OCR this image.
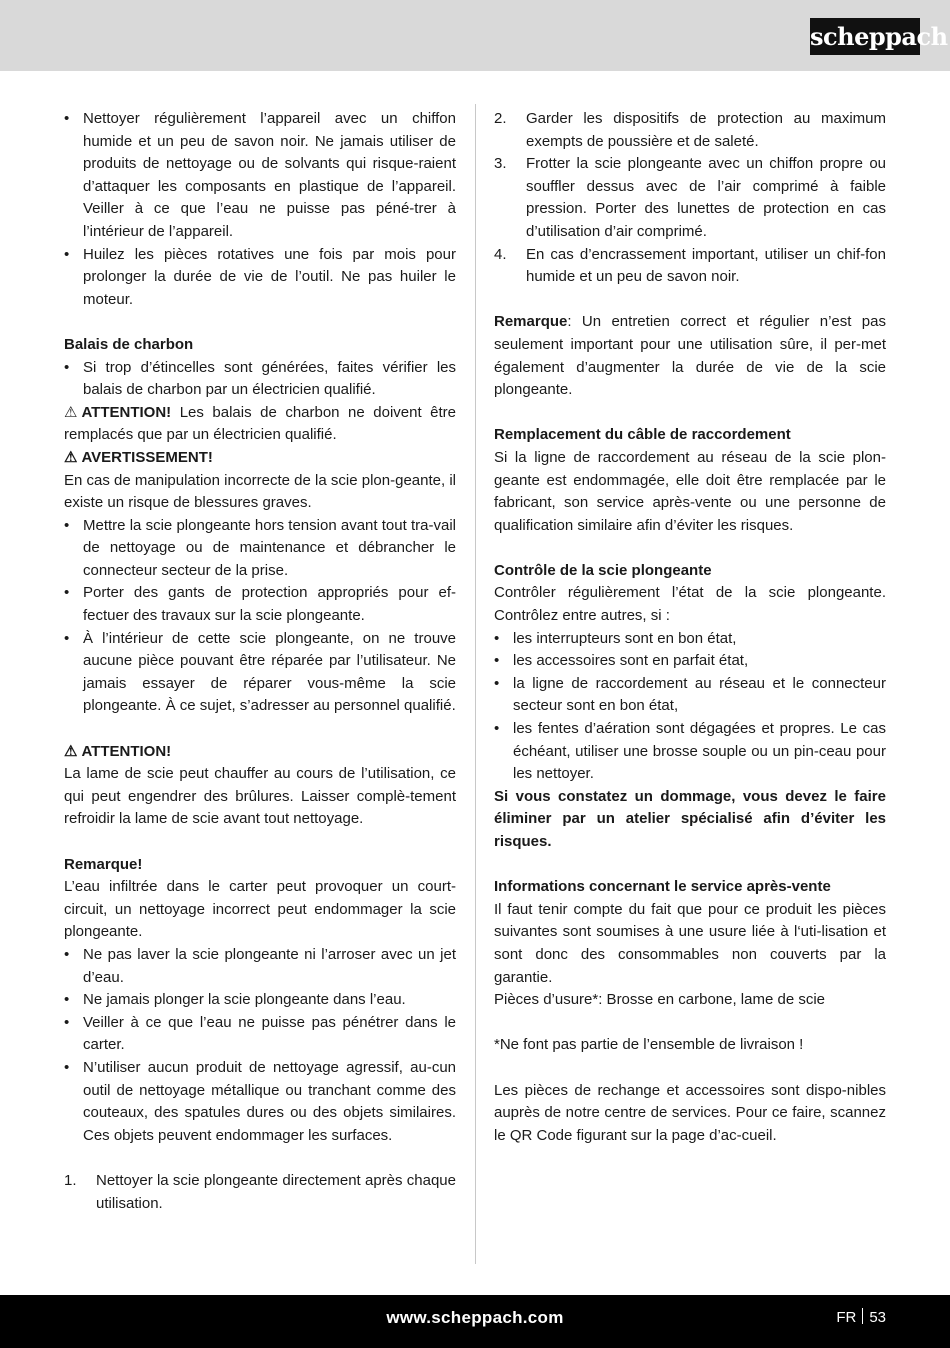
scheppach

• Nettoyer régulièrement l’appareil avec un chiffon humide et un peu de savon noir. Ne jamais utiliser de produits de nettoyage ou de solvants qui risque-raient d’attaquer les composants en plastique de l’appareil. Veiller à ce que l’eau ne puisse pas péné-trer à l’intérieur de l’appareil.

• Huilez les pièces rotatives une fois par mois pour prolonger la durée de vie de l’outil. Ne pas huiler le moteur.

Balais de charbon

• Si trop d’étincelles sont générées, faites vérifier les balais de charbon par un électricien qualifié.

⚠ ATTENTION! Les balais de charbon ne doivent être remplacés que par un électricien qualifié.

⚠ AVERTISSEMENT!

En cas de manipulation incorrecte de la scie plon-geante, il existe un risque de blessures graves.

• Mettre la scie plongeante hors tension avant tout tra-vail de nettoyage ou de maintenance et débrancher le connecteur secteur de la prise.

• Porter des gants de protection appropriés pour ef-fectuer des travaux sur la scie plongeante.

• À l’intérieur de cette scie plongeante, on ne trouve aucune pièce pouvant être réparée par l’utilisateur. Ne jamais essayer de réparer vous-même la scie plongeante. À ce sujet, s’adresser au personnel qualifié.

⚠ ATTENTION!

La lame de scie peut chauffer au cours de l’utilisation, ce qui peut engendrer des brûlures. Laisser complè-tement refroidir la lame de scie avant tout nettoyage.

Remarque!

L’eau infiltrée dans le carter peut provoquer un court-circuit, un nettoyage incorrect peut endommager la scie plongeante.

• Ne pas laver la scie plongeante ni l’arroser avec un jet d’eau.

• Ne jamais plonger la scie plongeante dans l’eau.

• Veiller à ce que l’eau ne puisse pas pénétrer dans le carter.

• N’utiliser aucun produit de nettoyage agressif, au-cun outil de nettoyage métallique ou tranchant comme des couteaux, des spatules dures ou des objets similaires. Ces objets peuvent endommager les surfaces.

1. Nettoyer la scie plongeante directement après chaque utilisation.

2. Garder les dispositifs de protection au maximum exempts de poussière et de saleté.

3. Frotter la scie plongeante avec un chiffon propre ou souffler dessus avec de l’air comprimé à faible pression. Porter des lunettes de protection en cas d’utilisation d’air comprimé.

4. En cas d’encrassement important, utiliser un chif-fon humide et un peu de savon noir.

Remarque: Un entretien correct et régulier n’est pas seulement important pour une utilisation sûre, il per-met également d’augmenter la durée de vie de la scie plongeante.

Remplacement du câble de raccordement

Si la ligne de raccordement au réseau de la scie plon-geante est endommagée, elle doit être remplacée par le fabricant, son service après-vente ou une personne de qualification similaire afin d’éviter les risques.

Contrôle de la scie plongeante

Contrôler régulièrement l’état de la scie plongeante. Contrôlez entre autres, si :

• les interrupteurs sont en bon état,

• les accessoires sont en parfait état,

• la ligne de raccordement au réseau et le connecteur secteur sont en bon état,

• les fentes d’aération sont dégagées et propres. Le cas échéant, utiliser une brosse souple ou un pin-ceau pour les nettoyer.

Si vous constatez un dommage, vous devez le faire éliminer par un atelier spécialisé afin d’éviter les risques.

Informations concernant le service après-vente

Il faut tenir compte du fait que pour ce produit les pièces suivantes sont soumises à une usure liée à l‘uti-lisation et sont donc des consommables non couverts par la garantie.

Pièces d’usure*: Brosse en carbone, lame de scie

*Ne font pas partie de l’ensemble de livraison !

Les pièces de rechange et accessoires sont dispo-nibles auprès de notre centre de services. Pour ce faire, scannez le QR Code figurant sur la page d’ac-cueil.

www.scheppach.com	FR 53
